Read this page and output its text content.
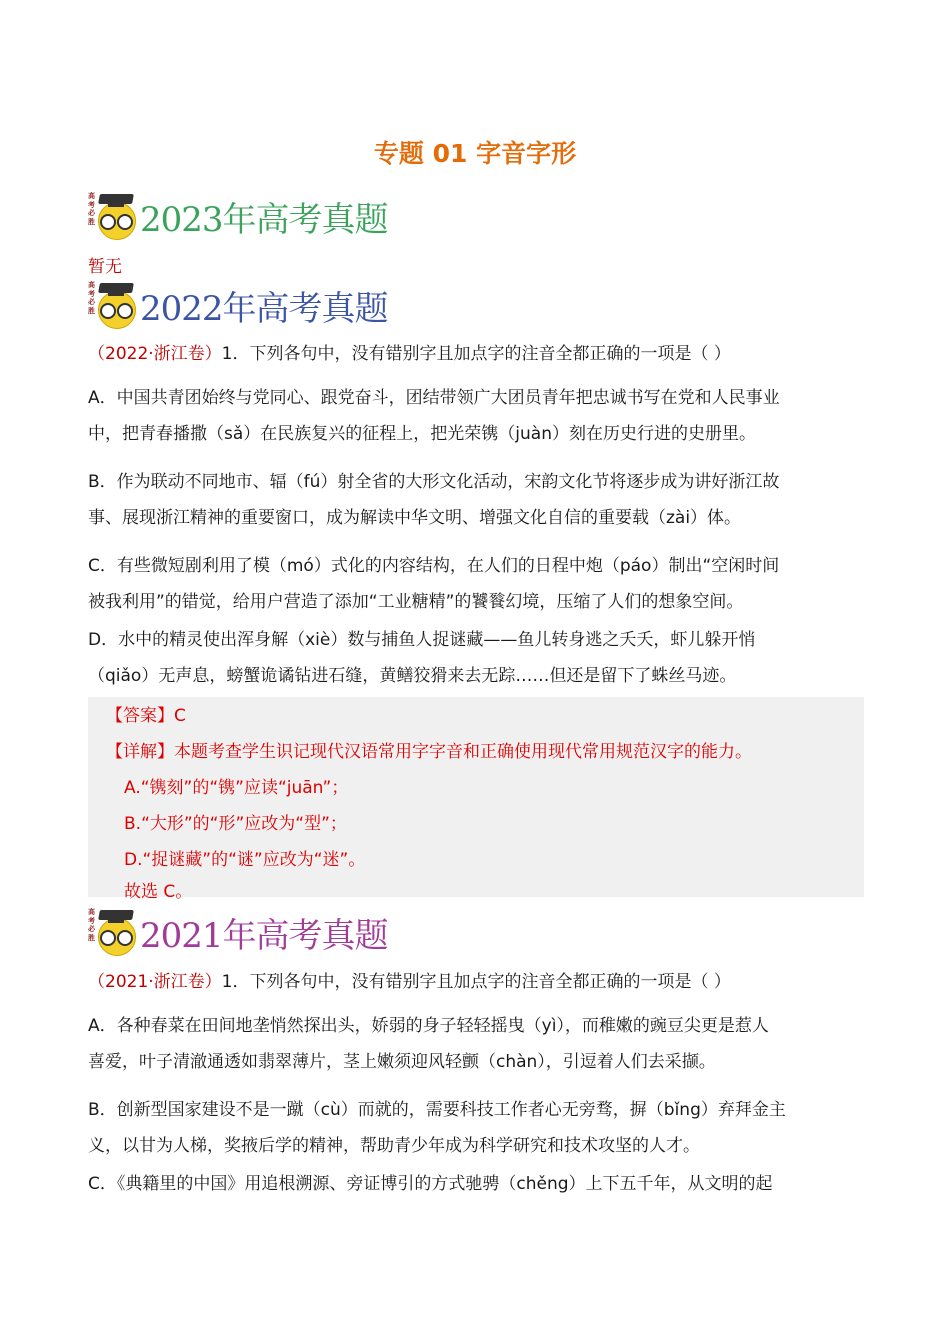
专题 01 字音字形
高考必胜 2023年高考真题
暂无
高考必胜 2022年高考真题
（2022·浙江卷）1．下列各句中，没有错别字且加点字的注音全都正确的一项是（ ）
A．中国共青团始终与党同心、跟党奋斗，团结带领广大团员青年把忠诚书写在党和人民事业
中，把青春播撒（sǎ）在民族复兴的征程上，把光荣镌（juàn）刻在历史行进的史册里。
B．作为联动不同地市、辐（fú）射全省的大形文化活动，宋韵文化节将逐步成为讲好浙江故
事、展现浙江精神的重要窗口，成为解读中华文明、增强文化自信的重要载（zài）体。
C．有些微短剧利用了模（mó）式化的内容结构，在人们的日程中炮（páo）制出“空闲时间
被我利用”的错觉，给用户营造了添加“工业糖精”的饕餮幻境，压缩了人们的想象空间。
D．水中的精灵使出浑身解（xiè）数与捕鱼人捉谜藏——鱼儿转身逃之夭夭，虾儿躲开悄
（qiǎo）无声息，螃蟹诡谲钻进石缝，黄鳝狡猾来去无踪……但还是留下了蛛丝马迹。
【答案】C
【详解】本题考查学生识记现代汉语常用字字音和正确使用现代常用规范汉字的能力。
A.“镌刻”的“镌”应读“juān”；
B.“大形”的“形”应改为“型”；
D.“捉谜藏”的“谜”应改为“迷”。
故选 C。
高考必胜 2021年高考真题
（2021·浙江卷）1．下列各句中，没有错别字且加点字的注音全都正确的一项是（ ）
A．各种春菜在田间地垄悄然探出头，娇弱的身子轻轻摇曳（yì），而稚嫩的豌豆尖更是惹人
喜爱，叶子清澈通透如翡翠薄片，茎上嫩须迎风轻颤（chàn），引逗着人们去采撷。
B．创新型国家建设不是一蹴（cù）而就的，需要科技工作者心无旁骛，摒（bǐng）弃拜金主
义，以甘为人梯，奖掖后学的精神，帮助青少年成为科学研究和技术攻坚的人才。
C．《典籍里的中国》用追根溯源、旁证博引的方式驰骋（chěng）上下五千年，从文明的起
